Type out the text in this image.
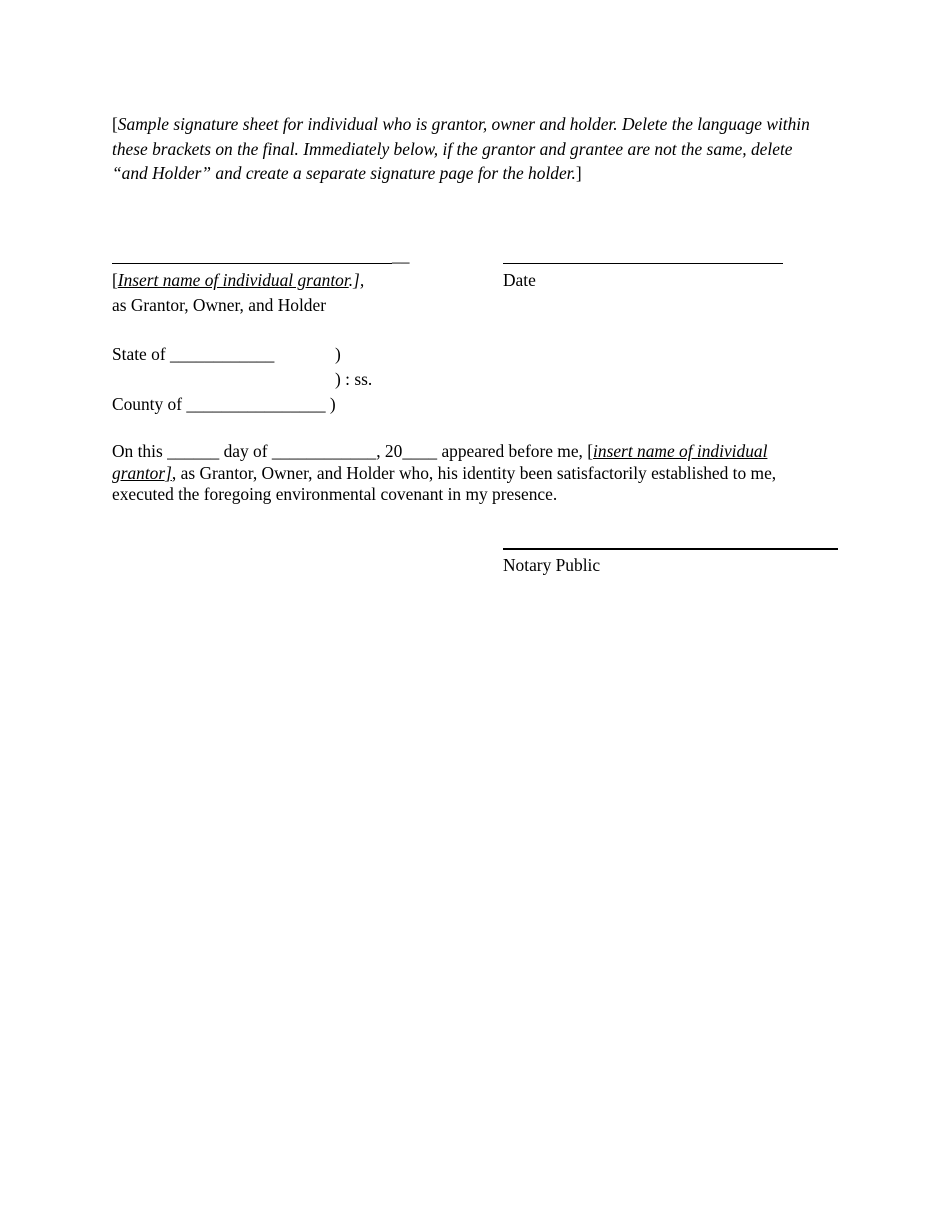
[Sample signature sheet for individual who is grantor, owner and holder. Delete the language within these brackets on the final. Immediately below, if the grantor and grantee are not the same, delete “and Holder” and create a separate signature page for the holder.]
__
[Insert name of individual grantor.],	Date
as Grantor, Owner, and Holder
State of ____________	)
) : ss.
County of ________________ )
On this ______ day of ____________, 20____ appeared before me, [insert name of individual grantor], as Grantor, Owner, and Holder who, his identity been satisfactorily established to me, executed the foregoing environmental covenant in my presence.
Notary Public
